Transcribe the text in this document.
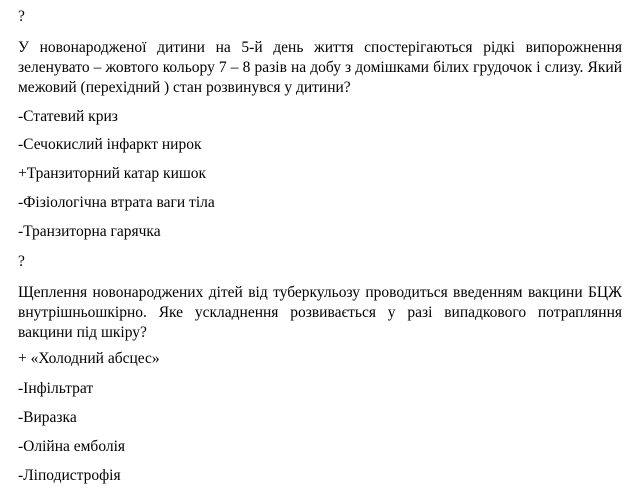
?
У новонародженої дитини на 5-й день життя спостерігаються рідкі випорожнення зеленувато – жовтого кольору 7 – 8 разів на добу з домішками білих грудочок і слизу. Який межовий (перехідний ) стан розвинувся у дитини?
-Статевий криз
-Сечокислий інфаркт нирок
+Транзиторний катар кишок
-Фізіологічна втрата ваги тіла
-Транзиторна гарячка
?
Щеплення новонароджених дітей від туберкульозу проводиться введенням вакцини БЦЖ внутрішньошкірно. Яке ускладнення розвивається у разі випадкового потрапляння вакцини під шкіру?
+ «Холодний абсцес»
-Інфільтрат
-Виразка
-Олійна емболія
-Ліподистрофія
